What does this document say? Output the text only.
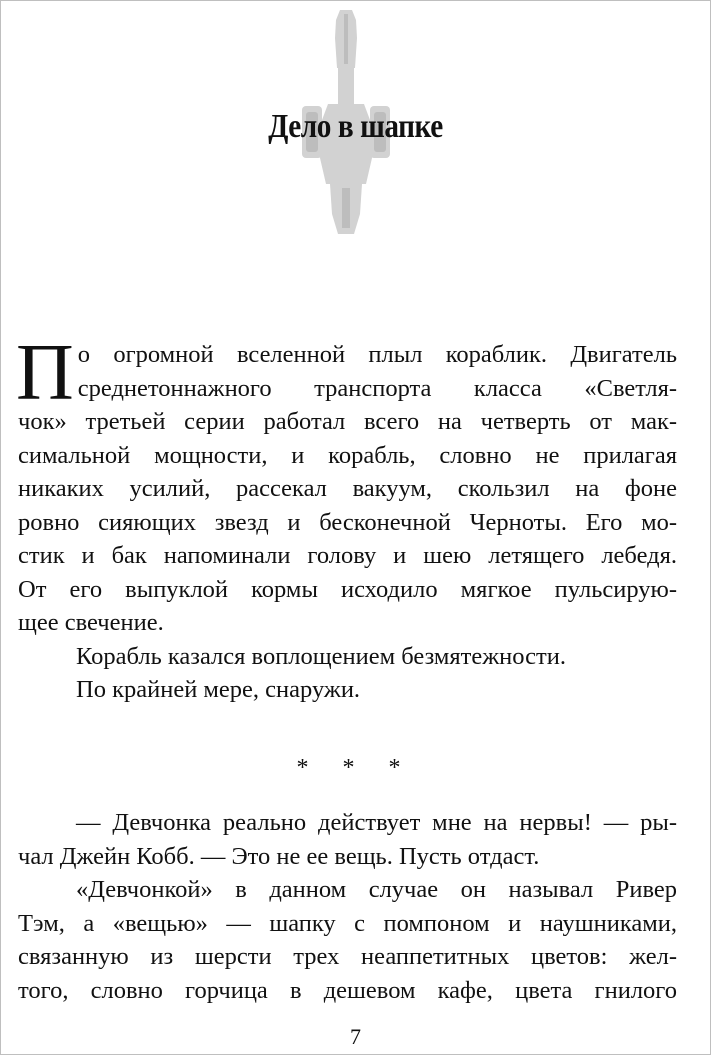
Дело в шапке
П о огромной вселенной плыл кораблик. Двигатель
среднетоннажного транспорта класса «Светля-
чок» третьей серии работал всего на четверть от мак-
симальной мощности, и корабль, словно не прилагая
никаких усилий, рассекал вакуум, скользил на фоне
ровно сияющих звезд и бесконечной Черноты. Его мо-
стик и бак напоминали голову и шею летящего лебедя.
От его выпуклой кормы исходило мягкое пульсирую-
щее свечение.
Корабль казался воплощением безмятежности.
По крайней мере, снаружи.
* * *
— Девчонка реально действует мне на нервы! — ры-
чал Джейн Кобб. — Это не ее вещь. Пусть отдаст.
«Девчонкой» в данном случае он называл Ривер
Тэм, а «вещью» — шапку с помпоном и наушниками,
связанную из шерсти трех неаппетитных цветов: жел-
того, словно горчица в дешевом кафе, цвета гнилого
7
